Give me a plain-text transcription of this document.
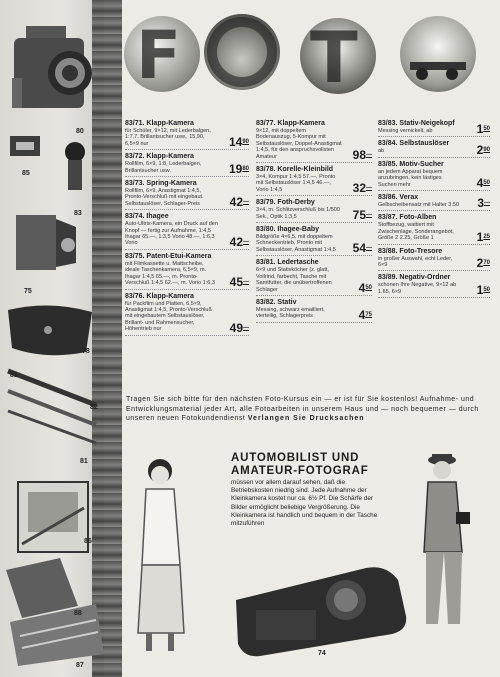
80
85
83
75
78
81
82
81
86
88
87
F T
83/71. Klapp-Kamera
für Schüler, 9×12, mit Lederbalgen, 1:7,7, Brillantsucher usw., 15,90, 6,5×9 nur	$14^{90}$
83/72. Klapp-Kamera
Rollfilm, 6×9, 1:8, Lederbalgen, Brillantsucher usw.	$19^{80}$
83/73. Spring-Kamera
Rollfilm, 6×9, Anastigmat 1:4,5, Pronto-Verschluß mit eingebaut. Selbstauslöser, Schlager-Preis	42—
83/74. Ihagee
Auto-Ultrix-Kamera, ein Druck auf den Knopf — fertig zur Aufnahme, 1:4,5 Ihagar 65.—, 1:3,5 Vorio 48.—, 1:6,3 Vorio	42—
83/75. Patent-Etui-Kamera
mit Filmkassette u. Mattscheibe, ideale Taschenkamera, 6,5×9, m. Ihagar 1:4,5 65.—, m. Pronto-Verschluß 1:4,5 62.—, m. Vorio 1:6,3	45—
83/76. Klapp-Kamera
für Packfilm und Platten, 6,5×9, Anastigmat 1:4,5, Pronto-Verschluß mit eingebautem Selbstauslöser, Brillant- und Rahmensucher, Höhentrieb nur	49—
83/77. Klapp-Kamera
9×12, mit doppeltem Bodenauszug, 5-Kompur mit Selbstauslöser, Doppel-Anastigmat 1:4,5, für den anspruchsvollsten Amateur	98—
83/78. Korelle-Kleinbild
3×4, Kompur 1:4,5 57.—, Pronto mit Selbstauslöser 1:4,5 46.—, Vorio 1:4,5	32—
83/79. Foth-Derby
3×4, m. Schlitzverschluß bis 1/500 Sek., Optik 1:3,5	75—
83/80. Ihagee-Baby
Bildgröße 4×6,5, mit doppeltem Schneckentrieb, Pronto mit Selbstauslöser, Anastigmat 1:4,5	54—
83/81. Ledertasche
6×9 und Stativköcher (z. glatt, Vollrind, farbecht, Tasche mit Samtfutter, die unübertroffenen Schlager	$4^{50}$
83/82. Stativ
Messing, schwarz emailliert, vierteilig, Schlagerpreis	$4^{75}$
83/83. Stativ-Neigekopf
Messing vernickelt, ab	$1^{50}$
83/84. Selbstauslöser
ab	$2^{90}$
83/85. Motiv-Sucher
an jedem Apparat bequem anzubringen, kein lästiges Suchen mehr	$4^{50}$
83/86. Verax
Gelbscheibensatz mit Halter 3.50	3—
83/87. Foto-Alben
Stoffbezug, wattiert mit Zwischenlage, Sonderangebot, Größe 2 2.25, Größe 1	$1^{25}$
83/88. Foto-Tresore
in großer Auswahl, echt Leder, 6×9	$2^{70}$
83/89. Negativ-Ordner
schonen Ihre Negative, 9×12 ab 1.65, 6×9	$1^{50}$
Tragen Sie sich bitte für den nächsten Foto-Kursus ein — er ist für Sie kostenlos! Aufnahme- und Entwicklungsmaterial jeder Art, alle Fotoarbeiten in unserem Haus und — noch bequemer — durch unseren neuen Fotokundendienst Verlangen Sie Drucksachen
AUTOMOBILIST UND
AMATEUR-FOTOGRAF
müssen vor allem darauf sehen, daß die Betriebskosten niedrig sind. Jede Aufnahme der Kleinkamera kostet nur ca. 6½ Pf. Die Schärfe der Bilder ermöglicht beliebige Vergrößerung. Die Kleinkamera ist handlich und bequem in der Tasche mitzuführen
74
